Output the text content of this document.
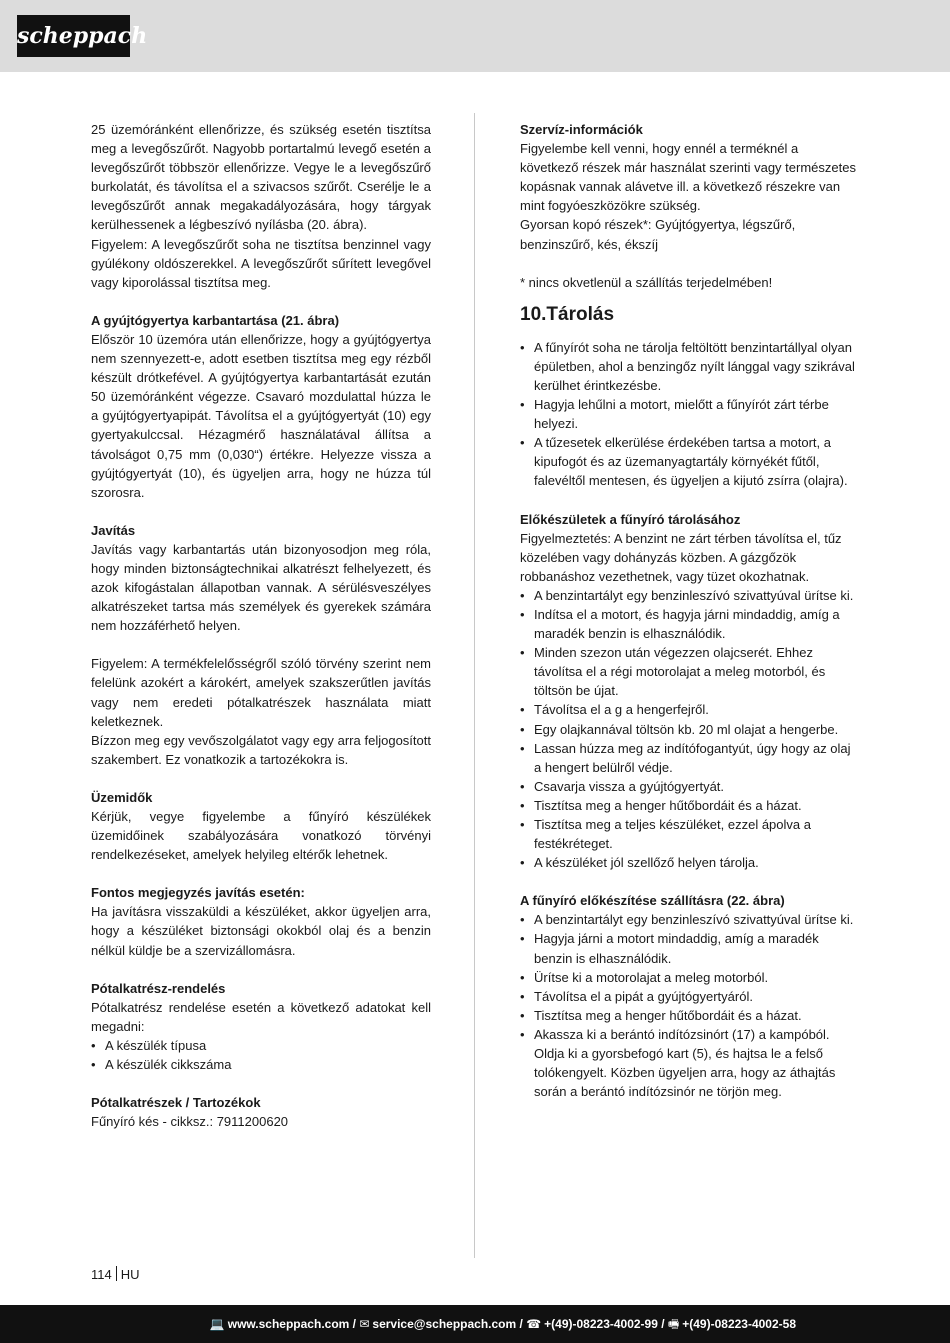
scheppach

25 üzemóránként ellenőrizze, és szükség esetén tisztítsa meg a levegőszűrőt. Nagyobb portartalmú levegő esetén a levegőszűrőt többször ellenőrizze. Vegye le a levegőszűrő burkolatát, és távolítsa el a szivacsos szűrőt. Cserélje le a levegőszűrőt annak megakadályozására, hogy tárgyak kerülhessenek a légbeszívó nyílásba (20. ábra).

Figyelem: A levegőszűrőt soha ne tisztítsa benzinnel vagy gyúlékony oldószerekkel. A levegőszűrőt sűrített levegővel vagy kiporolással tisztítsa meg.

A gyújtógyertya karbantartása (21. ábra)

Először 10 üzemóra után ellenőrizze, hogy a gyújtógyertya nem szennyezett-e, adott esetben tisztítsa meg egy rézből készült drótkefével. A gyújtógyertya karbantartását ezután 50 üzemóránként végezze. Csavaró mozdulattal húzza le a gyújtógyertyapipát. Távolítsa el a gyújtógyertyát (10) egy gyertyakulccsal. Hézagmérő használatával állítsa a távolságot 0,75 mm (0,030“) értékre. Helyezze vissza a gyújtógyertyát (10), és ügyeljen arra, hogy ne húzza túl szorosra.

Javítás

Javítás vagy karbantartás után bizonyosodjon meg róla, hogy minden biztonságtechnikai alkatrészt felhelyezett, és azok kifogástalan állapotban vannak. A sérülésveszélyes alkatrészeket tartsa más személyek és gyerekek számára nem hozzáférhető helyen.

Figyelem: A termékfelelősségről szóló törvény szerint nem felelünk azokért a károkért, amelyek szakszerűtlen javítás vagy nem eredeti pótalkatrészek használata miatt keletkeznek.

Bízzon meg egy vevőszolgálatot vagy egy arra feljogosított szakembert. Ez vonatkozik a tartozékokra is.

Üzemidők

Kérjük, vegye figyelembe a fűnyíró készülékek üzemidőinek szabályozására vonatkozó törvényi rendelkezéseket, amelyek helyileg eltérők lehetnek.

Fontos megjegyzés javítás esetén:

Ha javításra visszaküldi a készüléket, akkor ügyeljen arra, hogy a készüléket biztonsági okokból olaj és a benzin nélkül küldje be a szervizállomásra.

Pótalkatrész-rendelés

Pótalkatrész rendelése esetén a következő adatokat kell megadni:

• A készülék típusa
• A készülék cikkszáma
Pótalkatrészek / Tartozékok

Fűnyíró kés - cikksz.: 7911200620

Szervíz-információk

Figyelembe kell venni, hogy ennél a terméknél a következő részek már használat szerinti vagy természetes kopásnak vannak alávetve ill. a következő részekre van mint fogyóeszközökre szükség.

Gyorsan kopó részek*: Gyújtógyertya, légszűrő, benzinszűrő, kés, ékszíj

* nincs okvetlenül a szállítás terjedelmében!

10.Tárolás
• A fűnyírót soha ne tárolja feltöltött benzintartállyal olyan épületben, ahol a benzingőz nyílt lánggal vagy szikrával kerülhet érintkezésbe.
• Hagyja lehűlni a motort, mielőtt a fűnyírót zárt térbe helyezi.
• A tűzesetek elkerülése érdekében tartsa a motort, a kipufogót és az üzemanyagtartály környékét fűtől, falevéltől mentesen, és ügyeljen a kijutó zsírra (olajra).
Előkészületek a fűnyíró tárolásához

Figyelmeztetés: A benzint ne zárt térben távolítsa el, tűz közelében vagy dohányzás közben. A gázgőzök robbanáshoz vezethetnek, vagy tüzet okozhatnak.

• A benzintartályt egy benzinleszívó szivattyúval ürítse ki.
• Indítsa el a motort, és hagyja járni mindaddig, amíg a maradék benzin is elhasználódik.
• Minden szezon után végezzen olajcserét. Ehhez távolítsa el a régi motorolajat a meleg motorból, és töltsön be újat.
• Távolítsa el a g a hengerfejről.
• Egy olajkannával töltsön kb. 20 ml olajat a hengerbe.
• Lassan húzza meg az indítófogantyút, úgy hogy az olaj a hengert belülről védje.
• Csavarja vissza a gyújtógyertyát.
• Tisztítsa meg a henger hűtőbordáit és a házat.
• Tisztítsa meg a teljes készüléket, ezzel ápolva a festékréteget.
• A készüléket jól szellőző helyen tárolja.
A fűnyíró előkészítése szállításra (22. ábra)
• A benzintartályt egy benzinleszívó szivattyúval ürítse ki.
• Hagyja járni a motort mindaddig, amíg a maradék benzin is elhasználódik.
• Ürítse ki a motorolajat a meleg motorból.
• Távolítsa el a pipát a gyújtógyertyáról.
• Tisztítsa meg a henger hűtőbordáit és a házat.
• Akassza ki a berántó indítózsinórt (17) a kampóból. Oldja ki a gyorsbefogó kart (5), és hajtsa le a felső tolókengyelt. Közben ügyeljen arra, hogy az áthajtás során a berántó indítózsinór ne törjön meg.
114 HU
💻 www.scheppach.com / ✉ service@scheppach.com / ☎ +(49)-08223-4002-99 / 🖷 +(49)-08223-4002-58
